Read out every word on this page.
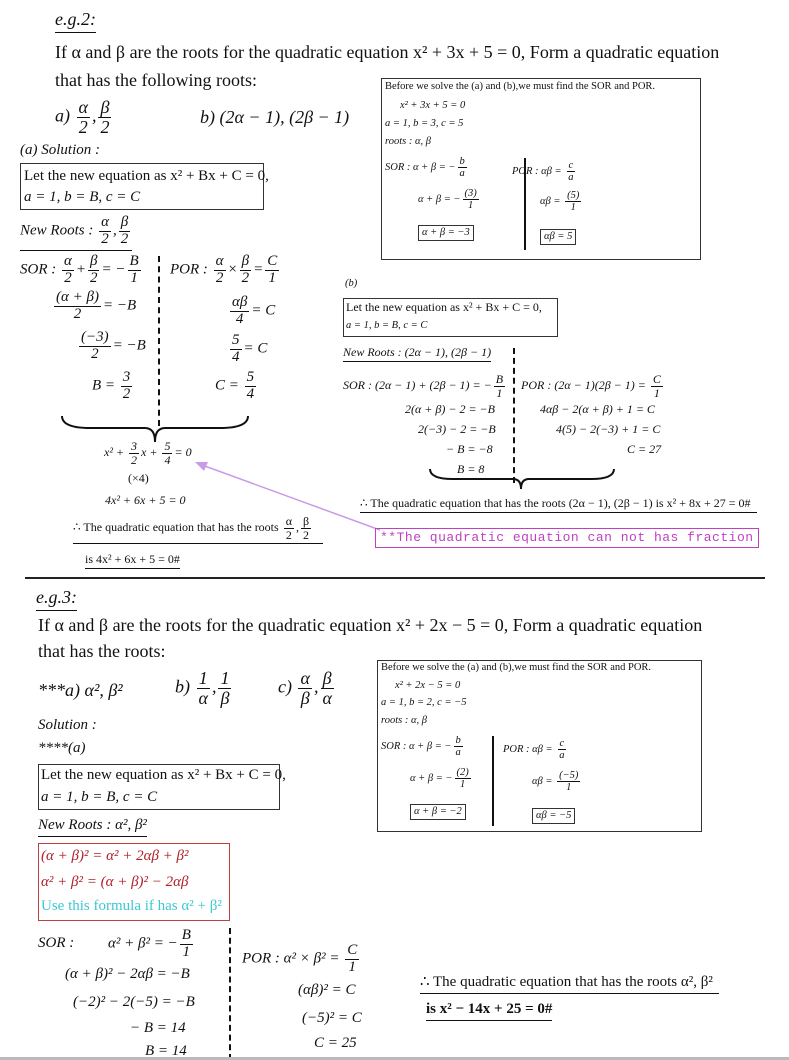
e.g.2:
If α and β are the roots for the quadratic equation x² + 3x + 5 = 0, Form a quadratic equation
that has the following roots:
$a) \frac{\alpha}{2}$ , $\frac{\beta}{2}$	b) (2α − 1), (2β − 1)
Before we solve the (a) and (b),we must find the SOR and POR.
x² + 3x + 5 = 0
a = 1, b = 3, c = 5
roots : α, β
SOR : α + β = − $\frac{b}{a}$	POR : $\alpha\beta = \frac{c}{a}$
α + β = − $\frac{(3)}{1}$	$\alpha\beta = \frac{(5)}{1}$
α + β = −3	αβ = 5
(a) Solution :
Let the new equation as x² + Bx + C = 0,
a = 1, b = B, c = C
New Roots : $\frac{\alpha}{2}$ , $\frac{\beta}{2}$
SOR : $\frac{\alpha}{2} + \frac{\beta}{2}$ = − $\frac{B}{1}$
$\frac{(\alpha + \beta)}{2} = -B$
$\frac{(-3)}{2} = -B$
$B = \frac{3}{2}$
POR : $\frac{\alpha}{2} \times \frac{\beta}{2} = \frac{C}{1}$
$\frac{\alpha\beta}{4} = C$
$\frac{5}{4} = C$
$C = \frac{5}{4}$
$x^2 + \frac{3}{2}$ $x + \frac{5}{4} = 0$
(×4)
4x² + 6x + 5 = 0
∴ The quadratic equation that has the roots $\frac{\alpha}{2}$ , $\frac{\beta}{2}$
is 4x² + 6x + 5 = 0#
(b)
Let the new equation as x² + Bx + C = 0,
a = 1, b = B, c = C
New Roots : (2α − 1), (2β − 1)
SOR : (2α − 1) + (2β − 1) = − $\frac{B}{1}$
2(α + β) − 2 = −B
2(−3) − 2 = −B
− B = −8
B = 8
POR : $(2\alpha - 1)(2\beta - 1) = \frac{C}{1}$
4αβ − 2(α + β) + 1 = C
4(5) − 2(−3) + 1 = C
C = 27
∴ The quadratic equation that has the roots (2α − 1), (2β − 1) is x² + 8x + 27 = 0#
**The quadratic equation can not has fraction
e.g.3:
If α and β are the roots for the quadratic equation x² + 2x − 5 = 0, Form a quadratic equation
that has the roots:
***a) α², β²	$b) \frac{1}{\alpha}$ , $\frac{1}{\beta}$	$c) \frac{\alpha}{\beta}$ , $\frac{\beta}{\alpha}$
Before we solve the (a) and (b),we must find the SOR and POR.
x² + 2x − 5 = 0
a = 1, b = 2, c = −5
roots : α, β
SOR : α + β = − $\frac{b}{a}$	POR : $\alpha\beta = \frac{c}{a}$
α + β = − $\frac{(2)}{1}$	$\alpha\beta = \frac{(-5)}{1}$
α + β = −2	αβ = −5
Solution :
****(a)
Let the new equation as x² + Bx + C = 0,
a = 1, b = B, c = C
New Roots : α², β²
(α + β)² = α² + 2αβ + β²
α² + β² = (α + β)² − 2αβ
Use this formula if has α² + β²
SOR : α² + β² = − $\frac{B}{1}$
(α + β)² − 2αβ = −B
(−2)² − 2(−5) = −B
− B = 14
B = 14
POR : $\alpha^2 \times \beta^2 = \frac{C}{1}$
(αβ)² = C
(−5)² = C
C = 25
∴ The quadratic equation that has the roots α², β²
is x² − 14x + 25 = 0#
